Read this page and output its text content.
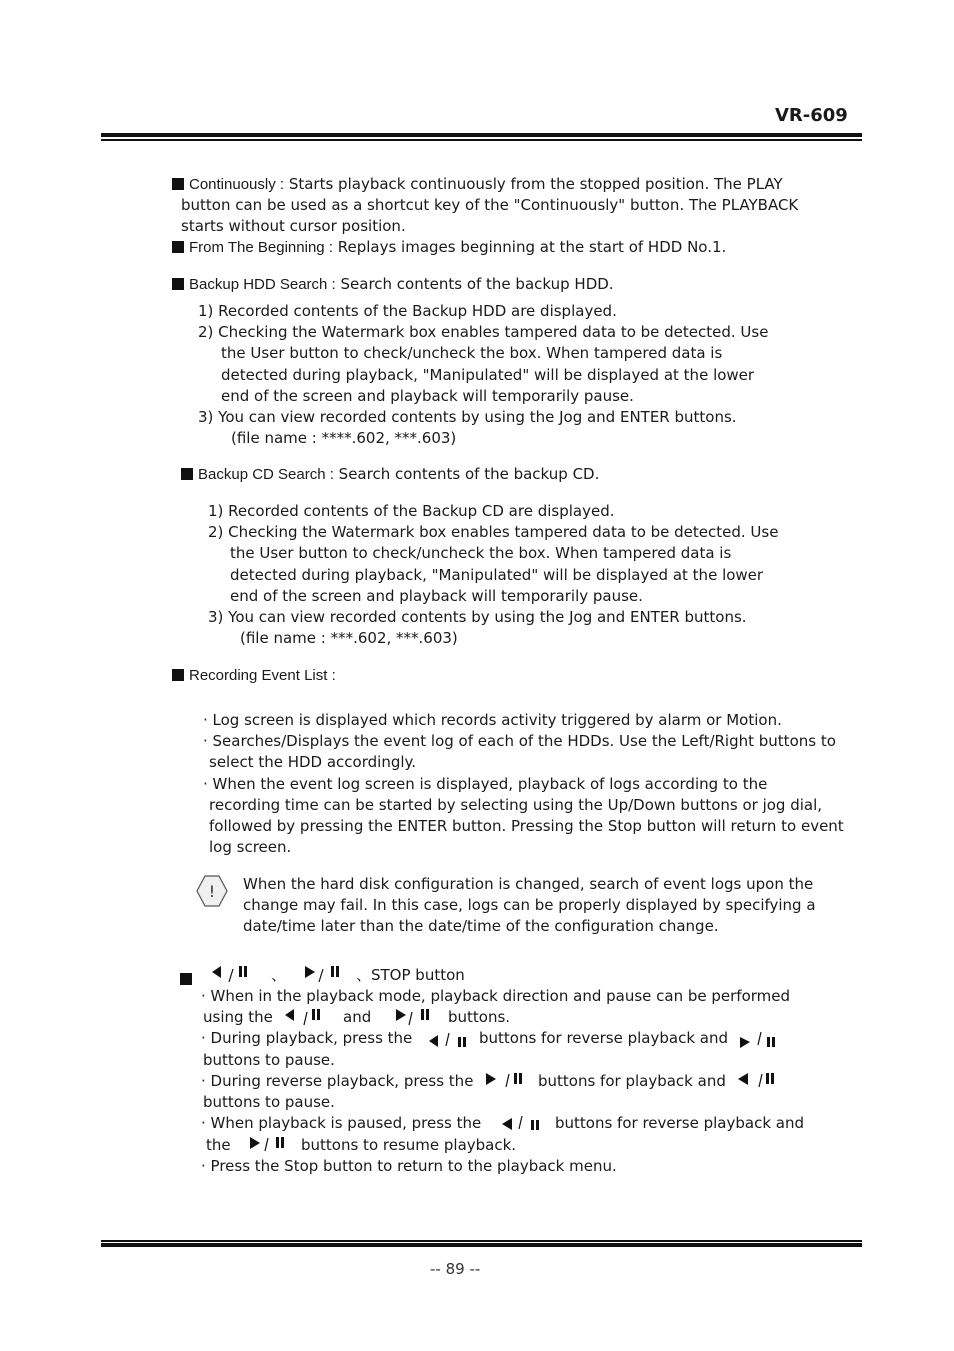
VR-609
Continuously : Starts playback continuously from the stopped position. The PLAY
button can be used as a shortcut key of the "Continuously" button. The PLAYBACK
starts without cursor position.
From The Beginning : Replays images beginning at the start of HDD No.1.
Backup HDD Search : Search contents of the backup HDD.
1) Recorded contents of the Backup HDD are displayed.
2) Checking the Watermark box enables tampered data to be detected. Use
the User button to check/uncheck the box. When tampered data is
detected during playback, "Manipulated" will be displayed at the lower
end of the screen and playback will temporarily pause.
3) You can view recorded contents by using the Jog and ENTER buttons.
(file name : ****.602, ***.603)
Backup CD Search : Search contents of the backup CD.
1) Recorded contents of the Backup CD are displayed.
2) Checking the Watermark box enables tampered data to be detected. Use
the User button to check/uncheck the box. When tampered data is
detected during playback, "Manipulated" will be displayed at the lower
end of the screen and playback will temporarily pause.
3) You can view recorded contents by using the Jog and ENTER buttons.
(file name : ***.602, ***.603)
Recording Event List :
· Log screen is displayed which records activity triggered by alarm or Motion.
· Searches/Displays the event log of each of the HDDs. Use the Left/Right buttons to
select the HDD accordingly.
· When the event log screen is displayed, playback of logs according to the
recording time can be started by selecting using the Up/Down buttons or jog dial,
followed by pressing the ENTER button. Pressing the Stop button will return to event
log screen.
! When the hard disk configuration is changed, search of event logs upon the
change may fail. In this case, logs can be properly displayed by specifying a
date/time later than the date/time of the configuration change.
、	、STOP button
· When in the playback mode, playback direction and pause can be performed
using the	and	buttons.
· During playback, press the	buttons for reverse playback and
buttons to pause.
· During reverse playback, press the	buttons for playback and
buttons to pause.
· When playback is paused, press the	buttons for reverse playback and
the	buttons to resume playback.
· Press the Stop button to return to the playback menu.
-- 89 --
